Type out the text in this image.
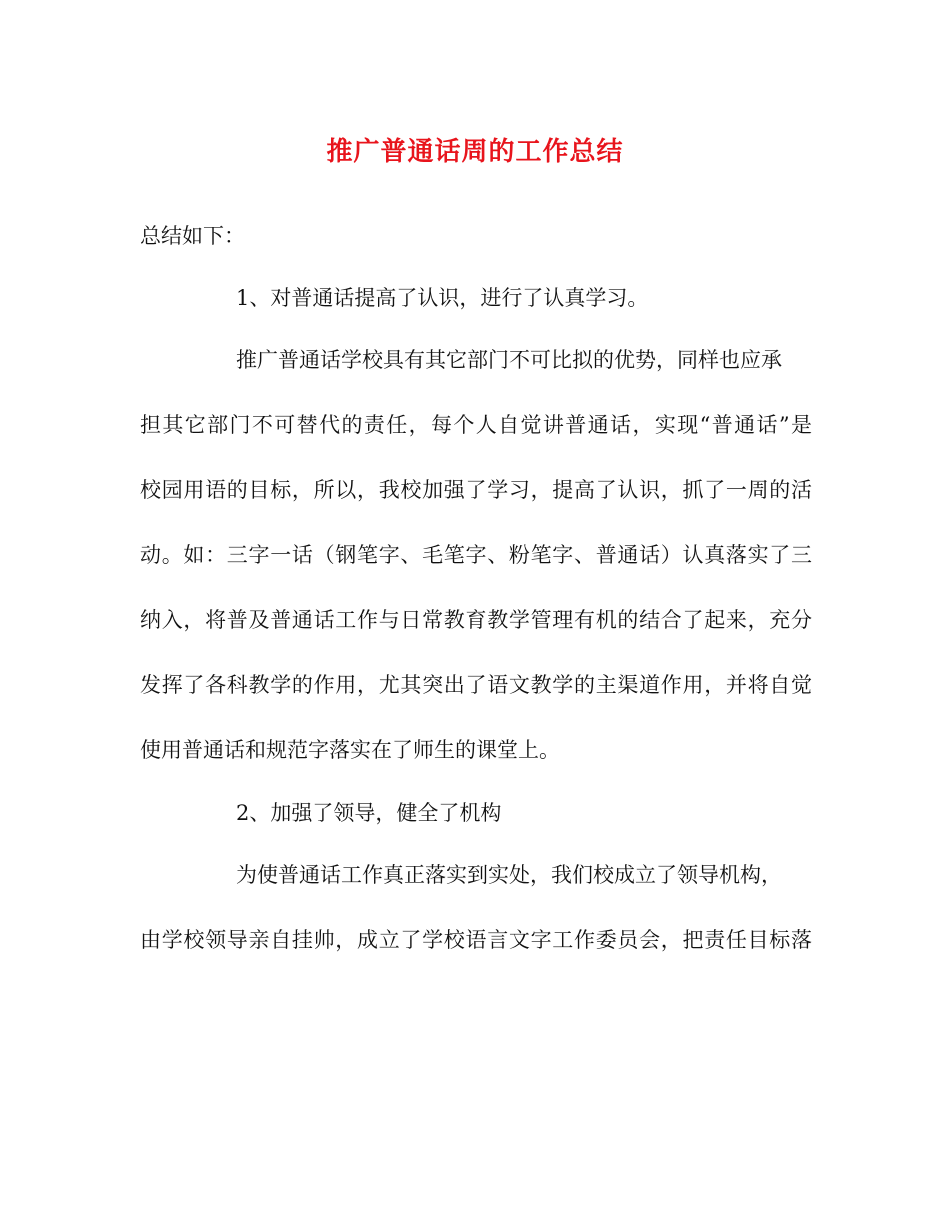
推广普通话周的工作总结
总结如下：
1、对普通话提高了认识，进行了认真学习。
推广普通话学校具有其它部门不可比拟的优势，同样也应承
担其它部门不可替代的责任，每个人自觉讲普通话，实现“普通话”是
校园用语的目标，所以，我校加强了学习，提高了认识，抓了一周的活
动。如：三字一话（钢笔字、毛笔字、粉笔字、普通话）认真落实了三
纳入，将普及普通话工作与日常教育教学管理有机的结合了起来，充分
发挥了各科教学的作用，尤其突出了语文教学的主渠道作用，并将自觉
使用普通话和规范字落实在了师生的课堂上。
2、加强了领导，健全了机构
为使普通话工作真正落实到实处，我们校成立了领导机构，
由学校领导亲自挂帅，成立了学校语言文字工作委员会，把责任目标落
